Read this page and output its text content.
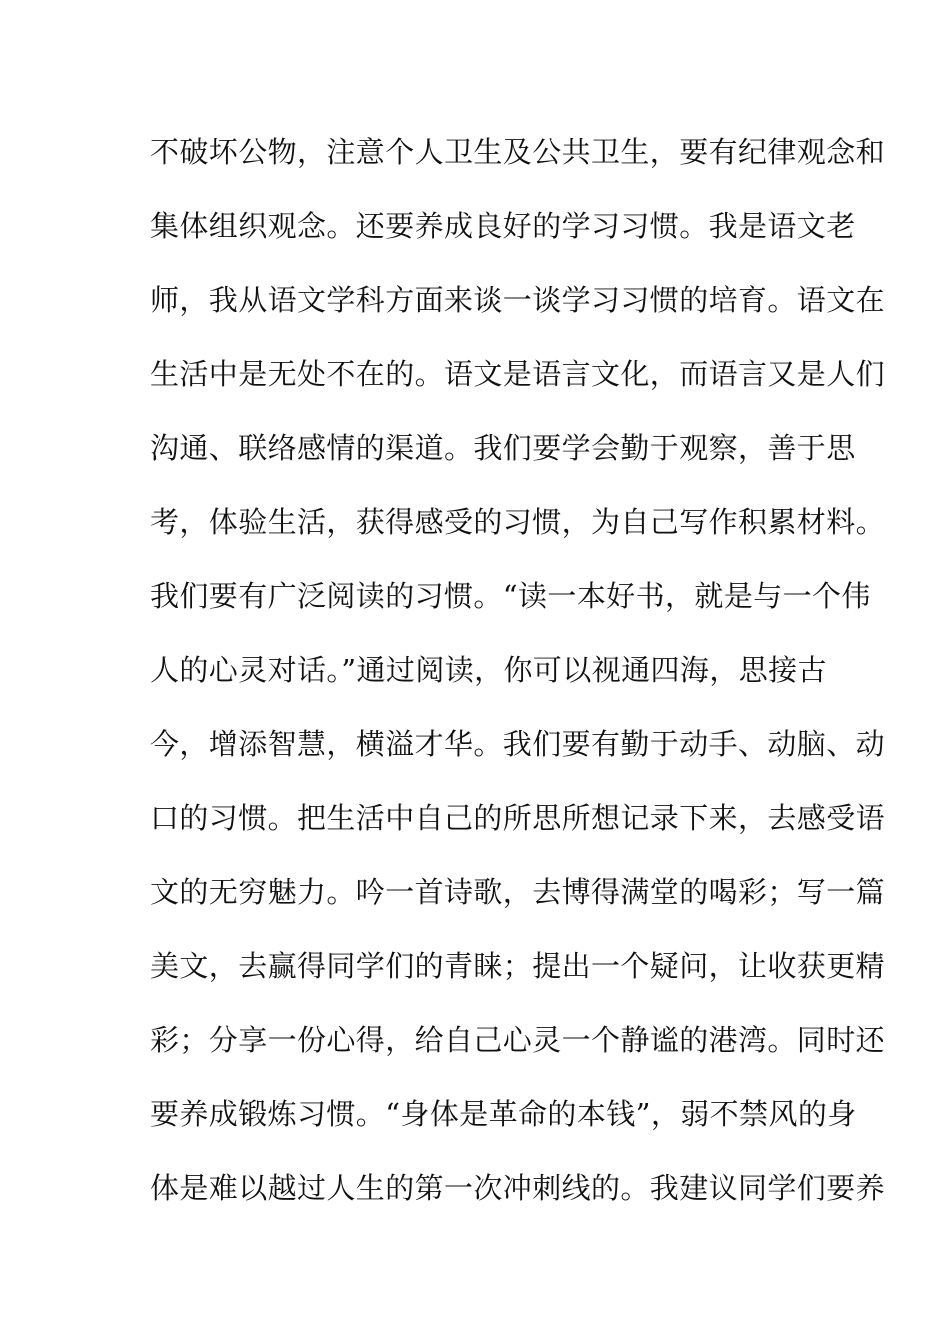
不破坏公物，注意个人卫生及公共卫生，要有纪律观念和
集体组织观念。还要养成良好的学习习惯。我是语文老
师，我从语文学科方面来谈一谈学习习惯的培育。语文在
生活中是无处不在的。语文是语言文化，而语言又是人们
沟通、联络感情的渠道。我们要学会勤于观察，善于思
考，体验生活，获得感受的习惯，为自己写作积累材料。
我们要有广泛阅读的习惯。“读一本好书，就是与一个伟
人的心灵对话。”通过阅读，你可以视通四海，思接古
今，增添智慧，横溢才华。我们要有勤于动手、动脑、动
口的习惯。把生活中自己的所思所想记录下来，去感受语
文的无穷魅力。吟一首诗歌，去博得满堂的喝彩；写一篇
美文，去赢得同学们的青睐；提出一个疑问，让收获更精
彩；分享一份心得，给自己心灵一个静谧的港湾。同时还
要养成锻炼习惯。“身体是革命的本钱”，弱不禁风的身
体是难以越过人生的第一次冲刺线的。我建议同学们要养
